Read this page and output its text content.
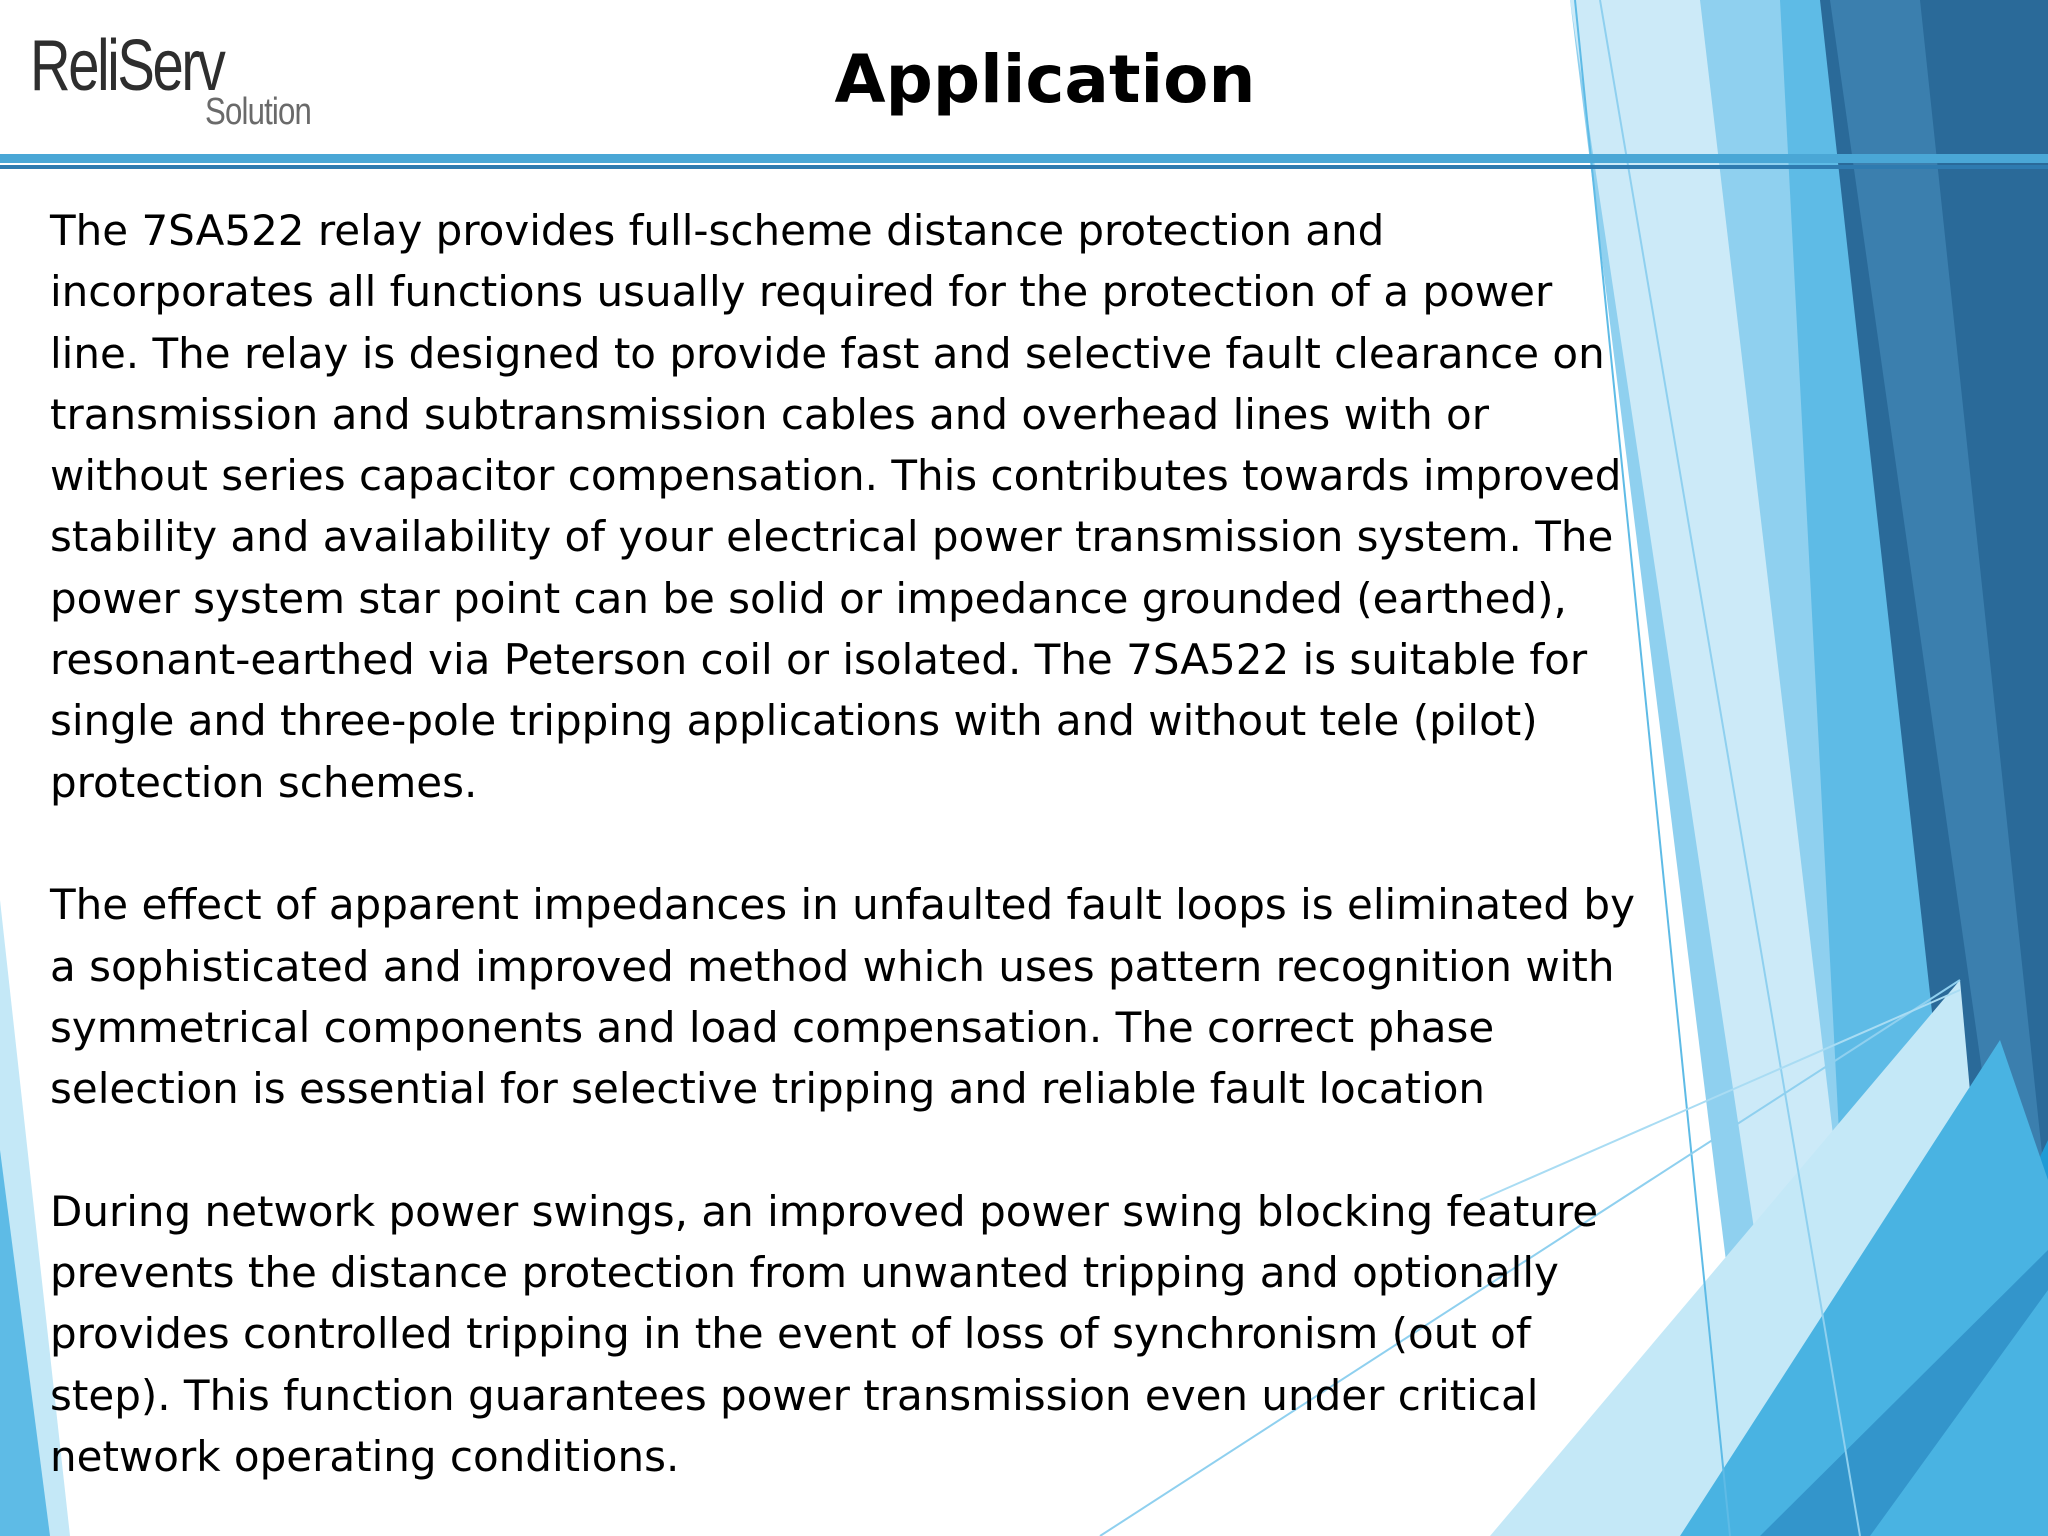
ReliServ
Solution	Application

The 7SA522 relay provides full-scheme distance protection and
incorporates all functions usually required for the protection of a power
line. The relay is designed to provide fast and selective fault clearance on
transmission and subtransmission cables and overhead lines with or
without series capacitor compensation. This contributes towards improved
stability and availability of your electrical power transmission system. The
power system star point can be solid or impedance grounded (earthed),
resonant-earthed via Peterson coil or isolated. The 7SA522 is suitable for
single and three-pole tripping applications with and without tele (pilot)
protection schemes.

The effect of apparent impedances in unfaulted fault loops is eliminated by
a sophisticated and improved method which uses pattern recognition with
symmetrical components and load compensation. The correct phase
selection is essential for selective tripping and reliable fault location

During network power swings, an improved power swing blocking feature
prevents the distance protection from unwanted tripping and optionally
provides controlled tripping in the event of loss of synchronism (out of
step). This function guarantees power transmission even under critical
network operating conditions.
